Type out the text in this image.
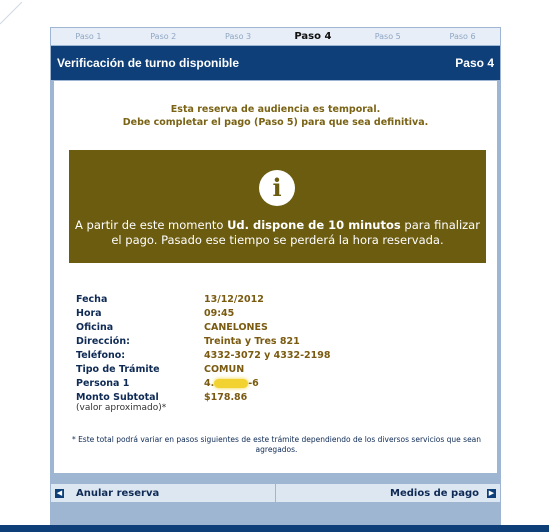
Paso 1	Paso 2	Paso 3	Paso 4	Paso 5	Paso 6
Verificación de turno disponible	Paso 4
Esta reserva de audiencia es temporal.
Debe completar el pago (Paso 5) para que sea definitiva.
i
A partir de este momento Ud. dispone de 10 minutos para finalizar el pago. Pasado ese tiempo se perderá la hora reservada.
Fecha	13/12/2012
Hora	09:45
Oficina	CANELONES
Dirección:	Treinta y Tres 821
Teléfono:	4332-3072 y 4332-2198
Tipo de Trámite	COMUN
Persona 1	4. -6
Monto Subtotal
(valor aproximado)*	$178.86
* Este total podrá variar en pasos siguientes de este trámite dependiendo de los diversos servicios que sean agregados.
◀ Anular reserva	Medios de pago ▶
